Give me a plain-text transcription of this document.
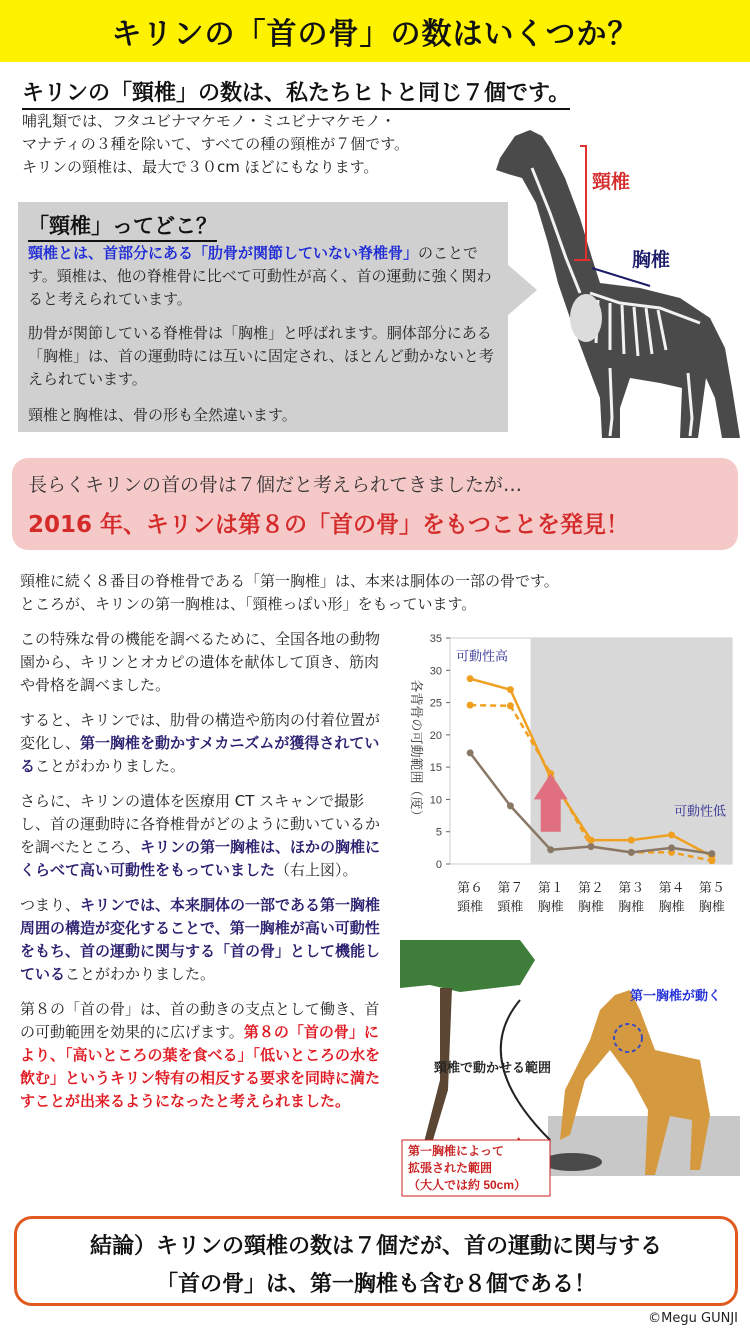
キリンの「首の骨」の数はいくつか？
キリンの「頸椎」の数は、私たちヒトと同じ７個です。
哺乳類では、フタユビナマケモノ・ミユビナマケモノ・
マナティの３種を除いて、すべての種の頸椎が７個です。
キリンの頸椎は、最大で３０cm ほどにもなります。
「頸椎」ってどこ？
頸椎とは、首部分にある「肋骨が関節していない脊椎骨」のことです。頸椎は、他の脊椎骨に比べて可動性が高く、首の運動に強く関わると考えられています。
肋骨が関節している脊椎骨は「胸椎」と呼ばれます。胴体部分にある「胸椎」は、首の運動時には互いに固定され、ほとんど動かないと考えられています。
頸椎と胸椎は、骨の形も全然違います。
頸椎
胸椎
長らくキリンの首の骨は７個だと考えられてきましたが…
2016 年、キリンは第８の「首の骨」をもつことを発見！
頸椎に続く８番目の脊椎骨である「第一胸椎」は、本来は胴体の一部の骨です。
ところが、キリンの第一胸椎は、「頸椎っぽい形」をもっています。

この特殊な骨の機能を調べるために、全国各地の動物園から、キリンとオカピの遺体を献体して頂き、筋肉や骨格を調べました。

すると、キリンでは、肋骨の構造や筋肉の付着位置が変化し、第一胸椎を動かすメカニズムが獲得されていることがわかりました。

さらに、キリンの遺体を医療用 CT スキャンで撮影し、首の運動時に各脊椎骨がどのように動いているかを調べたところ、キリンの第一胸椎は、ほかの胸椎にくらべて高い可動性をもっていました（右上図）。

つまり、キリンでは、本来胴体の一部である第一胸椎周囲の構造が変化することで、第一胸椎が高い可動性をもち、首の運動に関与する「首の骨」として機能していることがわかりました。

第８の「首の骨」は、首の動きの支点として働き、首の可動範囲を効果的に広げます。第８の「首の骨」により、「高いところの葉を食べる」「低いところの水を飲む」というキリン特有の相反する要求を同時に満たすことが出来るようになったと考えられました。

0
5
10
15
20
25
30
35
各背骨の可動範囲（度）
第６
頸椎
第７
頸椎
第１
胸椎
第２
胸椎
第３
胸椎
第４
胸椎
第５
胸椎
可動性高
可動性低
第一胸椎が動く
頸椎で動かせる範囲
第一胸椎によって
拡張された範囲
（大人では約 50cm）
結論）キリンの頸椎の数は７個だが、首の運動に関与する
「首の骨」は、第一胸椎も含む８個である！
©Megu GUNJI
